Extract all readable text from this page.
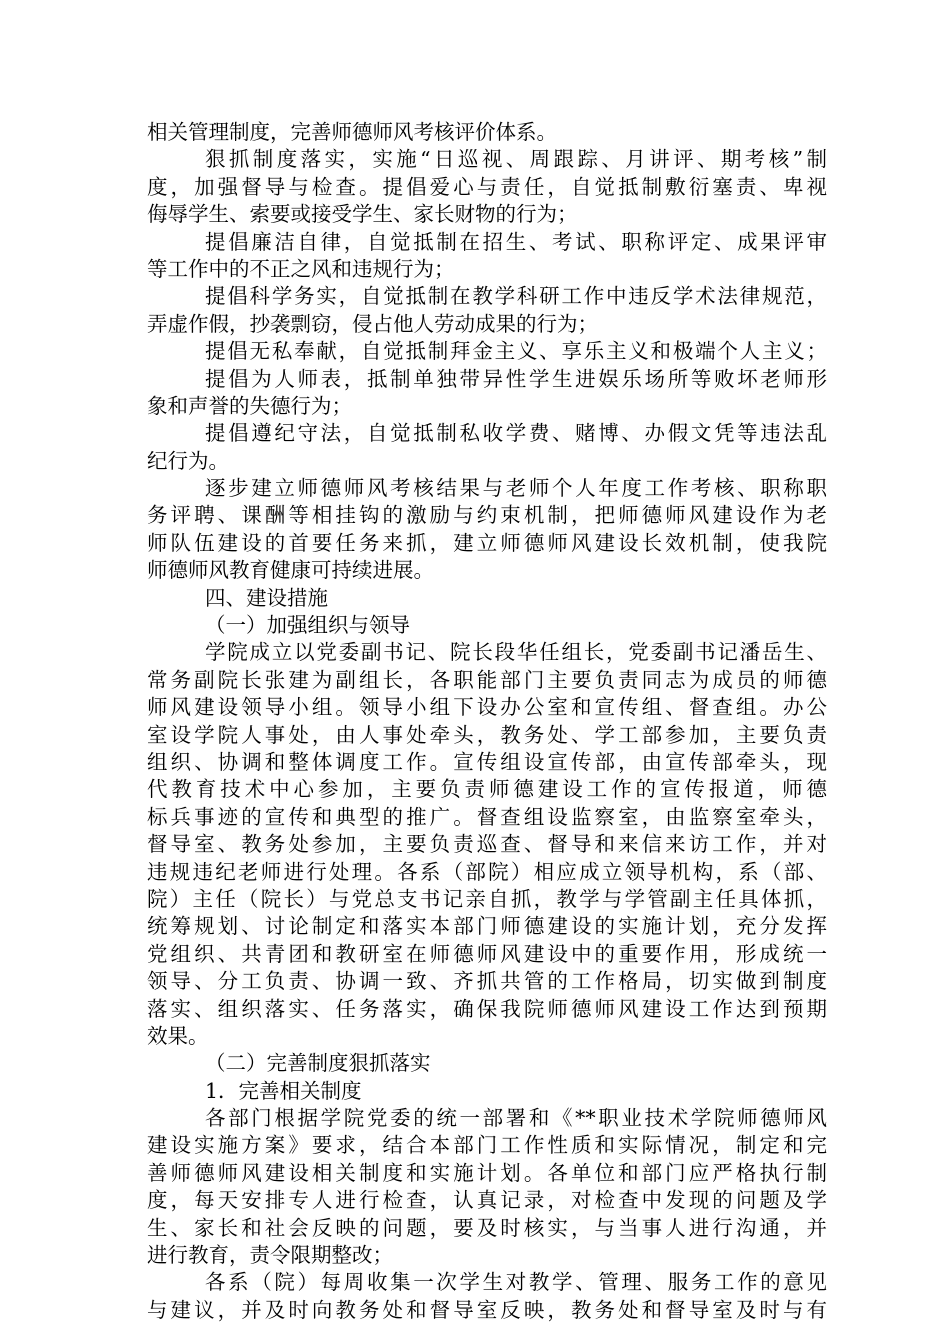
相关管理制度，完善师德师风考核评价体系。
狠抓制度落实，实施“日巡视、周跟踪、月讲评、期考核”制
度，加强督导与检查。提倡爱心与责任，自觉抵制敷衍塞责、卑视
侮辱学生、索要或接受学生、家长财物的行为；
提倡廉洁自律，自觉抵制在招生、考试、职称评定、成果评审
等工作中的不正之风和违规行为；
提倡科学务实，自觉抵制在教学科研工作中违反学术法律规范，
弄虚作假，抄袭剽窃，侵占他人劳动成果的行为；
提倡无私奉献，自觉抵制拜金主义、享乐主义和极端个人主义；
提倡为人师表，抵制单独带异性学生进娱乐场所等败坏老师形
象和声誉的失德行为；
提倡遵纪守法，自觉抵制私收学费、赌博、办假文凭等违法乱
纪行为。
逐步建立师德师风考核结果与老师个人年度工作考核、职称职
务评聘、课酬等相挂钩的激励与约束机制，把师德师风建设作为老
师队伍建设的首要任务来抓，建立师德师风建设长效机制，使我院
师德师风教育健康可持续进展。
四、建设措施
（一）加强组织与领导
学院成立以党委副书记、院长段华任组长，党委副书记潘岳生、
常务副院长张建为副组长，各职能部门主要负责同志为成员的师德
师风建设领导小组。领导小组下设办公室和宣传组、督查组。办公
室设学院人事处，由人事处牵头，教务处、学工部参加，主要负责
组织、协调和整体调度工作。宣传组设宣传部，由宣传部牵头，现
代教育技术中心参加，主要负责师德建设工作的宣传报道，师德
标兵事迹的宣传和典型的推广。督查组设监察室，由监察室牵头，
督导室、教务处参加，主要负责巡查、督导和来信来访工作，并对
违规违纪老师进行处理。各系（部院）相应成立领导机构，系（部、
院）主任（院长）与党总支书记亲自抓，教学与学管副主任具体抓，
统筹规划、讨论制定和落实本部门师德建设的实施计划，充分发挥
党组织、共青团和教研室在师德师风建设中的重要作用，形成统一
领导、分工负责、协调一致、齐抓共管的工作格局，切实做到制度
落实、组织落实、任务落实，确保我院师德师风建设工作达到预期
效果。
（二）完善制度狠抓落实
1．完善相关制度
各部门根据学院党委的统一部署和《**职业技术学院师德师风
建设实施方案》要求，结合本部门工作性质和实际情况，制定和完
善师德师风建设相关制度和实施计划。各单位和部门应严格执行制
度，每天安排专人进行检查，认真记录，对检查中发现的问题及学
生、家长和社会反映的问题，要及时核实，与当事人进行沟通，并
进行教育，责令限期整改；
各系（院）每周收集一次学生对教学、管理、服务工作的意见
与建议，并及时向教务处和督导室反映，教务处和督导室及时与有
